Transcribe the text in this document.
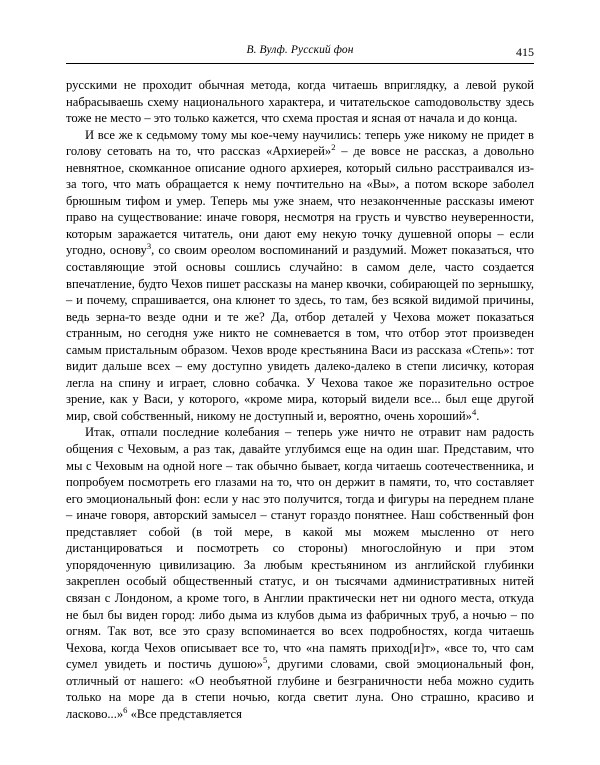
В. Вулф. Русский фон	415

русскими не проходит обычная метода, когда читаешь вприглядку, а левой рукой набрасываешь схему национального характера, и читательское саmодовольству здесь тоже не место – это только кажется, что схема простая и ясная от начала и до конца.

И все же к седьмому тому мы кое-чему научились: теперь уже никому не придет в голову сетовать на то, что рассказ «Архиерей»$^2$ – де вовсе не рассказ, а довольно невнятное, скомканное описание одного архиерея, который сильно расстраивался из-за того, что мать обращается к нему почтительно на «Вы», а потом вскоре заболел брюшным тифом и умер. Теперь мы уже знаем, что незаконченные рассказы имеют право на существование: иначе говоря, несмотря на грусть и чувство неуверенности, которым заражается читатель, они дают ему некую точку душевной опоры – если угодно, основу$^3$, со своим ореолом воспоминаний и раздумий. Может показаться, что составляющие этой основы сошлись случайно: в самом деле, часто создается впечатление, будто Чехов пишет рассказы на манер квочки, собирающей по зернышку, – и почему, спрашивается, она клюнет то здесь, то там, без всякой видимой причины, ведь зерна-то везде одни и те же? Да, отбор деталей у Чехова может показаться странным, но сегодня уже никто не сомневается в том, что отбор этот произведен самым пристальным образом. Чехов вроде крестьянина Васи из рассказа «Степь»: тот видит дальше всех – ему доступно увидеть далеко-далеко в степи лисичку, которая легла на спину и играет, словно собачка. У Чехова такое же поразительно острое зрение, как у Васи, у которого, «кроме мира, который видели все... был еще другой мир, свой собственный, никому не доступный и, вероятно, очень хороший»$^4$.

Итак, отпали последние колебания – теперь уже ничто не отравит нам радость общения с Чеховым, а раз так, давайте углубимся еще на один шаг. Представим, что мы с Чеховым на одной ноге – так обычно бывает, когда читаешь соотечественника, и попробуем посмотреть его глазами на то, что он держит в памяти, то, что составляет его эмоциональный фон: если у нас это получится, тогда и фигуры на переднем плане – иначе говоря, авторский замысел – станут гораздо понятнее. Наш собственный фон представляет собой (в той мере, в какой мы можем мысленно от него дистанцироваться и посмотреть со стороны) многослойную и при этом упорядоченную цивилизацию. За любым крестьянином из английской глубинки закреплен особый общественный статус, и он тысячами административных нитей связан с Лондоном, а кроме того, в Англии практически нет ни одного места, откуда не был бы виден город: либо дыма из клубов дыма из фабричных труб, а ночью – по огням. Так вот, все это сразу вспоминается во всех подробностях, когда читаешь Чехова, когда Чехов описывает все то, что «на память приход[и]т», «все то, что сам сумел увидеть и постичь душою»$^5$, другими словами, свой эмоциональный фон, отличный от нашего: «О необъятной глубине и безграничности неба можно судить только на море да в степи ночью, когда светит луна. Оно страшно, красиво и ласково...»$^6$ «Все представляется
